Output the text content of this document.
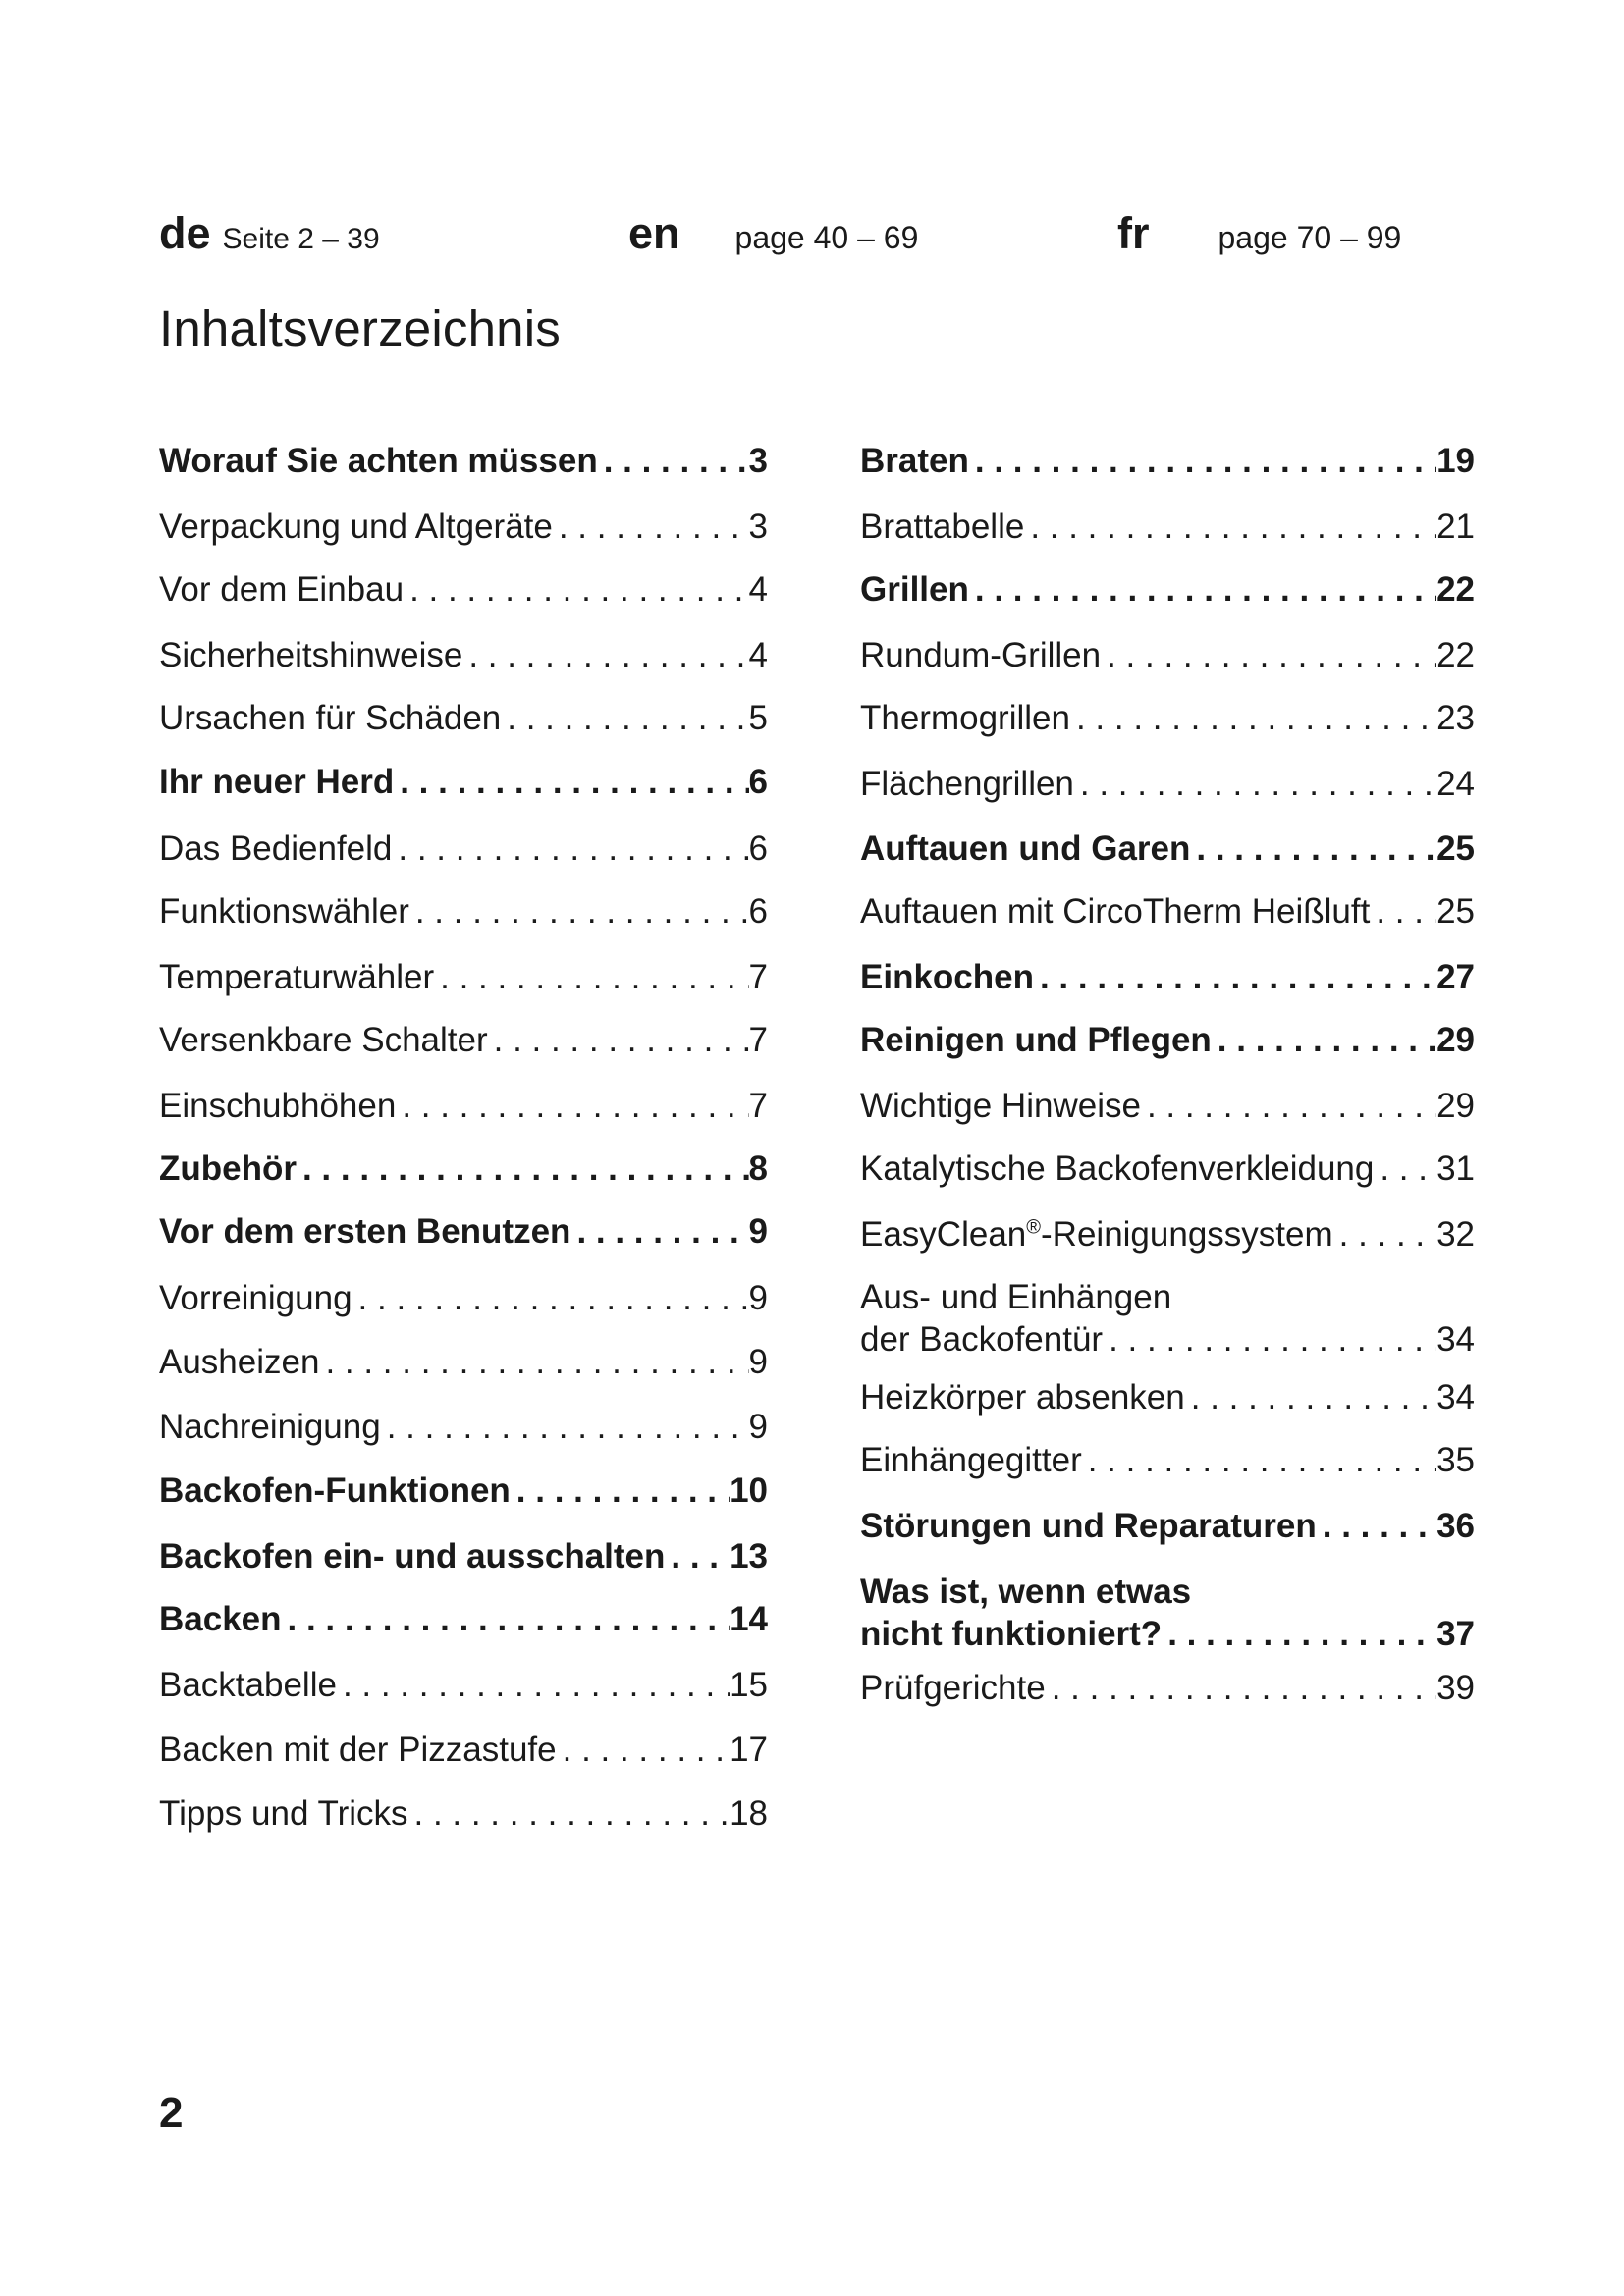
de Seite 2 – 39	en page 40 – 69	fr page 70 – 99
Inhaltsverzeichnis
Worauf Sie achten müssen . . .	3
Verpackung und Altgeräte . . .	3
Vor dem Einbau . . .	4
Sicherheitshinweise . . .	4
Ursachen für Schäden . . .	5
Ihr neuer Herd . . .	6
Das Bedienfeld . . .	6
Funktionswähler . . .	6
Temperaturwähler . . .	7
Versenkbare Schalter . . .	7
Einschubhöhen . . .	7
Zubehör . . .	8
Vor dem ersten Benutzen . . .	9
Vorreinigung . . .	9
Ausheizen . . .	9
Nachreinigung . . .	9
Backofen-Funktionen . . .	10
Backofen ein- und ausschalten . . . 13
Backen . . .	14
Backtabelle . . .	15
Backen mit der Pizzastufe . . .	17
Tipps und Tricks . . .	18
Braten . . .	19
Brattabelle . . .	21
Grillen . . .	22
Rundum-Grillen . . .	22
Thermogrillen . . .	23
Flächengrillen . . .	24
Auftauen und Garen . . .	25
Auftauen mit CircoTherm Heißluft . . . 25
Einkochen . . .	27
Reinigen und Pflegen . . .	29
Wichtige Hinweise . . .	29
Katalytische Backofenverkleidung . . . 31
EasyClean®-Reinigungssystem . . .	32
Aus- und Einhängen
der Backofentür . . .	34
Heizkörper absenken . . .	34
Einhängegitter . . .	35
Störungen und Reparaturen . . .	36
Was ist, wenn etwas
nicht funktioniert? . . .	37
Prüfgerichte . . .	39
2
